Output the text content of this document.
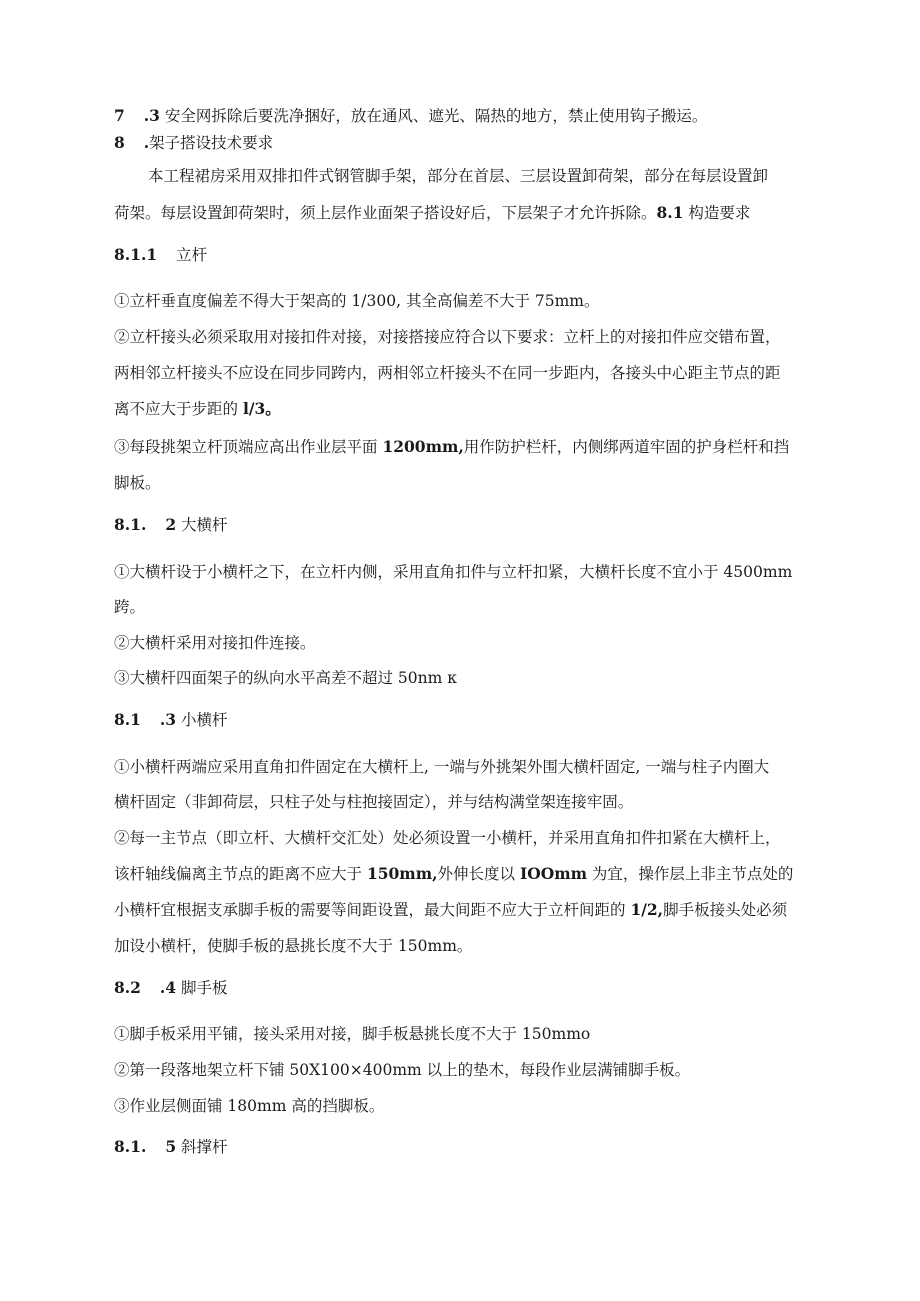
7 .3 安全网拆除后要洗净捆好，放在通风、遮光、隔热的地方，禁止使用钩子搬运。
8 .架子搭设技术要求
本工程裙房采用双排扣件式钢管脚手架，部分在首层、三层设置卸荷架，部分在每层设置卸
荷架。每层设置卸荷架时，须上层作业面架子搭设好后，下层架子才允许拆除。8.1 构造要求
8.1.1 立杆
①立杆垂直度偏差不得大于架高的 1/300, 其全高偏差不大于 75mm。
②立杆接头必须采取用对接扣件对接，对接搭接应符合以下要求：立杆上的对接扣件应交错布置，
两相邻立杆接头不应设在同步同跨内，两相邻立杆接头不在同一步距内，各接头中心距主节点的距
离不应大于步距的 l/3。
③每段挑架立杆顶端应高出作业层平面 1200mm,用作防护栏杆，内侧绑两道牢固的护身栏杆和挡
脚板。
8.1. 2 大横杆
①大横杆设于小横杆之下，在立杆内侧，采用直角扣件与立杆扣紧，大横杆长度不宜小于 4500mm
跨。
②大横杆采用对接扣件连接。
③大横杆四面架子的纵向水平高差不超过 50nm κ
8.1 .3 小横杆
①小横杆两端应采用直角扣件固定在大横杆上, 一端与外挑架外围大横杆固定, 一端与柱子内圈大
横杆固定（非卸荷层，只柱子处与柱抱接固定），并与结构满堂架连接牢固。
②每一主节点（即立杆、大横杆交汇处）处必须设置一小横杆，并采用直角扣件扣紧在大横杆上，
该杆轴线偏离主节点的距离不应大于 150mm,外伸长度以 IOOmm 为宜，操作层上非主节点处的
小横杆宜根据支承脚手板的需要等间距设置，最大间距不应大于立杆间距的 1/2,脚手板接头处必须
加设小横杆，使脚手板的悬挑长度不大于 150mm。
8.2 .4 脚手板
①脚手板采用平铺，接头采用对接，脚手板悬挑长度不大于 150mmo
②第一段落地架立杆下铺 50X100×400mm 以上的垫木，每段作业层满铺脚手板。
③作业层侧面铺 180mm 高的挡脚板。
8.1. 5 斜撑杆
